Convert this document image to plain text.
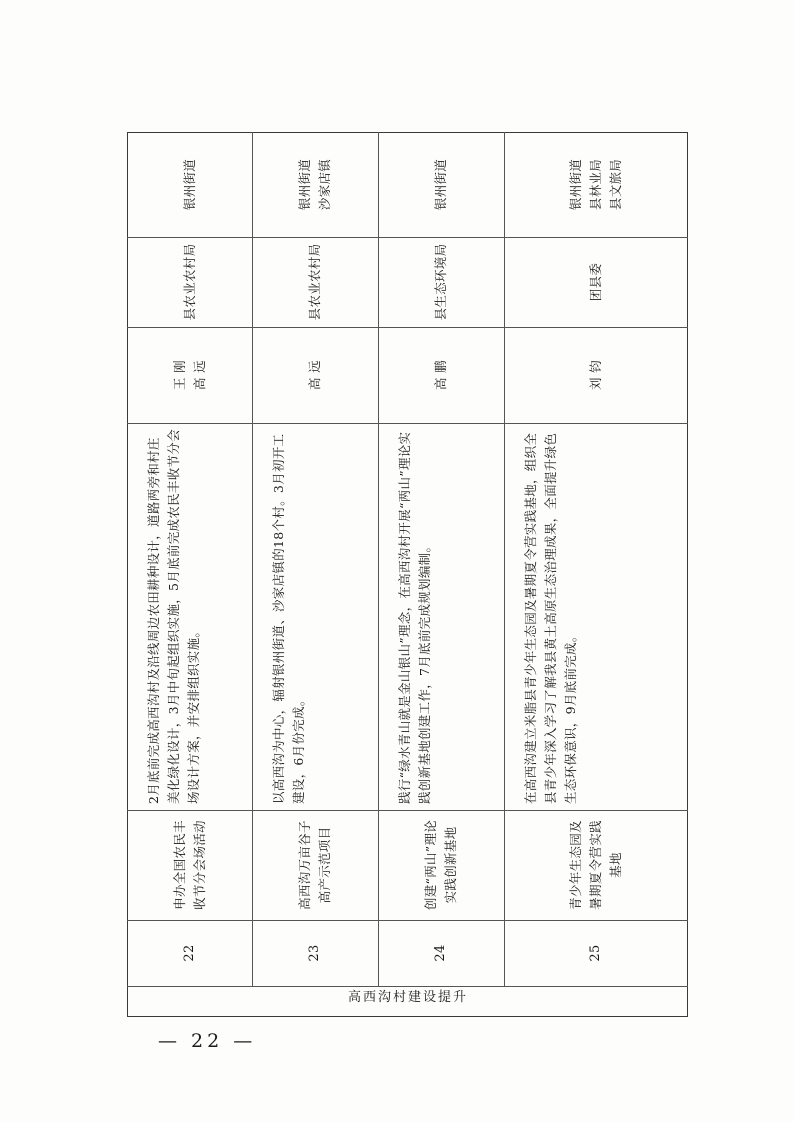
22
申办全国农民丰收节分会场活动
2月底前完成高西沟村及沿线周边农田耕种设计，道路两旁和村庄美化绿化设计，3月中旬起组织实施，5月底前完成农民丰收节分会场设计方案，并安排组织实施。
王 刚
高 远
县农业农村局
银州街道
23
高西沟万亩谷子高产示范项目
以高西沟为中心，辐射银州街道、沙家店镇的18个村。3月初开工建设，6月份完成。
高 远
县农业农村局
银州街道
沙家店镇
24
创建“两山”理论实践创新基地
践行“绿水青山就是金山银山”理念，在高西沟村开展“两山”理论实践创新基地创建工作，7月底前完成规划编制。
高 鹏
县生态环境局
银州街道
25
青少年生态园及暑期夏令营实践基地
在高西沟建立米脂县青少年生态园及暑期夏令营实践基地，组织全县青少年深入学习了解我县黄土高原生态治理成果，全面提升绿色生态环保意识，9月底前完成。
刘 钧
团县委
银州街道
县林业局
县文旅局
高 西 沟 村 建 设 提 升
— 22 —
